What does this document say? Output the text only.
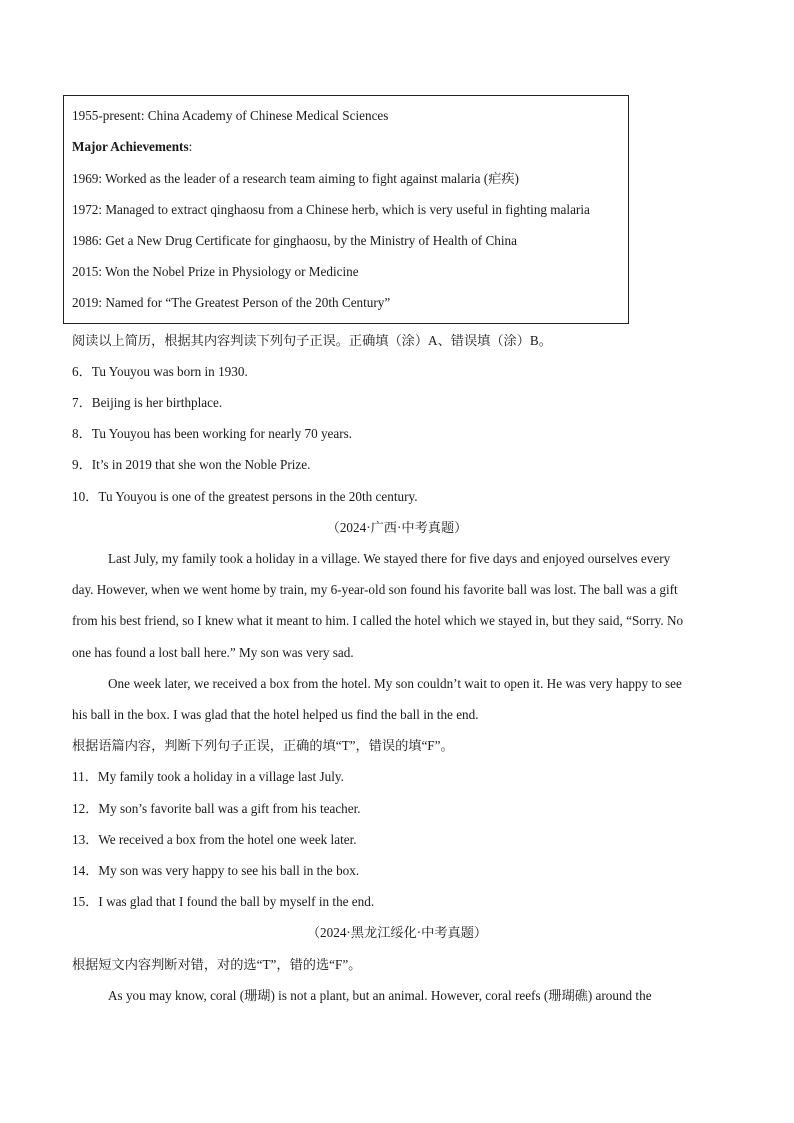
1955-present: China Academy of Chinese Medical Sciences
Major Achievements:
1969: Worked as the leader of a research team aiming to fight against malaria (疟疾)
1972: Managed to extract qinghaosu from a Chinese herb, which is very useful in fighting malaria
1986: Get a New Drug Certificate for ginghaosu, by the Ministry of Health of China
2015: Won the Nobel Prize in Physiology or Medicine
2019: Named for “The Greatest Person of the 20th Century”
阅读以上简历，根据其内容判读下列句子正误。正确填（涂）A、错误填（涂）B。
6．Tu Youyou was born in 1930.
7．Beijing is her birthplace.
8．Tu Youyou has been working for nearly 70 years.
9．It’s in 2019 that she won the Noble Prize.
10．Tu Youyou is one of the greatest persons in the 20th century.
（2024·广西·中考真题）
Last July, my family took a holiday in a village. We stayed there for five days and enjoyed ourselves every
day. However, when we went home by train, my 6-year-old son found his favorite ball was lost. The ball was a gift
from his best friend, so I knew what it meant to him. I called the hotel which we stayed in, but they said, “Sorry. No
one has found a lost ball here.” My son was very sad.
One week later, we received a box from the hotel. My son couldn’t wait to open it. He was very happy to see
his ball in the box. I was glad that the hotel helped us find the ball in the end.
根据语篇内容，判断下列句子正误，正确的填“T”，错误的填“F”。
11．My family took a holiday in a village last July.
12．My son’s favorite ball was a gift from his teacher.
13．We received a box from the hotel one week later.
14．My son was very happy to see his ball in the box.
15．I was glad that I found the ball by myself in the end.
（2024·黑龙江绥化·中考真题）
根据短文内容判断对错，对的选“T”，错的选“F”。
As you may know, coral (珊瑚) is not a plant, but an animal. However, coral reefs (珊瑚礁) around the
